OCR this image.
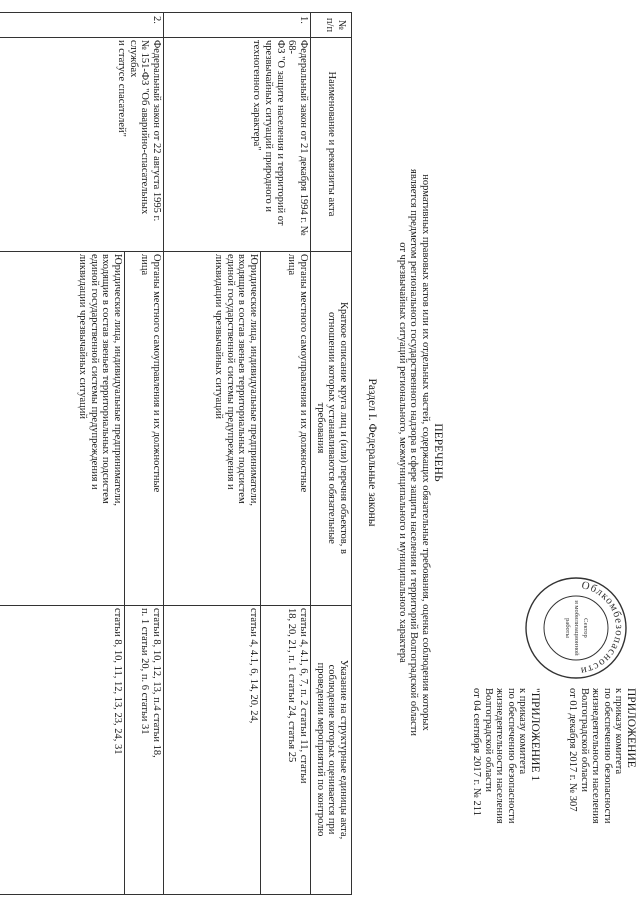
ПРИЛОЖЕНИЕ
к приказу комитета
по обеспечению безопасности
жизнедеятельности населения
Волгоградской области
от 01 декабря 2017 г. № 307
"ПРИЛОЖЕНИЕ 1
к приказу комитета
по обеспечению безопасности
жизнедеятельности населения
Волгоградской области
от 04 сентября 2017 г. № 211
Облкомбезопасности
Сектор
и мобилизационной
работы

ПЕРЕЧЕНЬ

нормативных правовых актов или их отдельных частей, содержащих обязательные требования, оценка соблюдения которых
является предметом регионального государственного надзора в сфере защиты населения и территорий Волгоградской области
от чрезвычайных ситуаций регионального, межмуниципального и муниципального характера

Раздел I. Федеральные законы

№
п/п
Наименование и реквизиты акта
Краткое описание круга лиц и (или) перечня объектов, в
отношении которых устанавливаются обязательные
требования
Указание на структурные единицы акта,
соблюдение которых оценивается при
проведении мероприятий по контролю
1.
Федеральный закон от 21 декабря 1994 г. № 68-
ФЗ "О защите населения и территорий от
чрезвычайных ситуаций природного и
техногенного характера"
Органы местного самоуправления и их должностные
лица
статьи 4, 4.1, 6, 7, п. 2 статьи 11, статьи
18, 20, 21, п. 1 статьи 24, статья 25
Юридические лица, индивидуальные предприниматели,
входящие в состав звеньев территориальных подсистем
единой государственной системы предупреждения и
ликвидации чрезвычайных ситуаций
статьи 4, 4.1, 6, 14, 20, 24,
2.
Федеральный закон от 22 августа 1995 г.
№ 151-ФЗ "Об аварийно-спасательных службах
и статусе спасателей"
Органы местного самоуправления и их должностные
лица
статьи 8, 10, 12, 13, п.4 статьи 18,
п. 1 статьи 20, п. 6 статьи 31
Юридические лица, индивидуальные предприниматели,
входящие в состав звеньев территориальных подсистем
единой государственной системы предупреждения и
ликвидации чрезвычайных ситуаций
статьи 8, 10, 11, 12, 13, 23, 24, 31
